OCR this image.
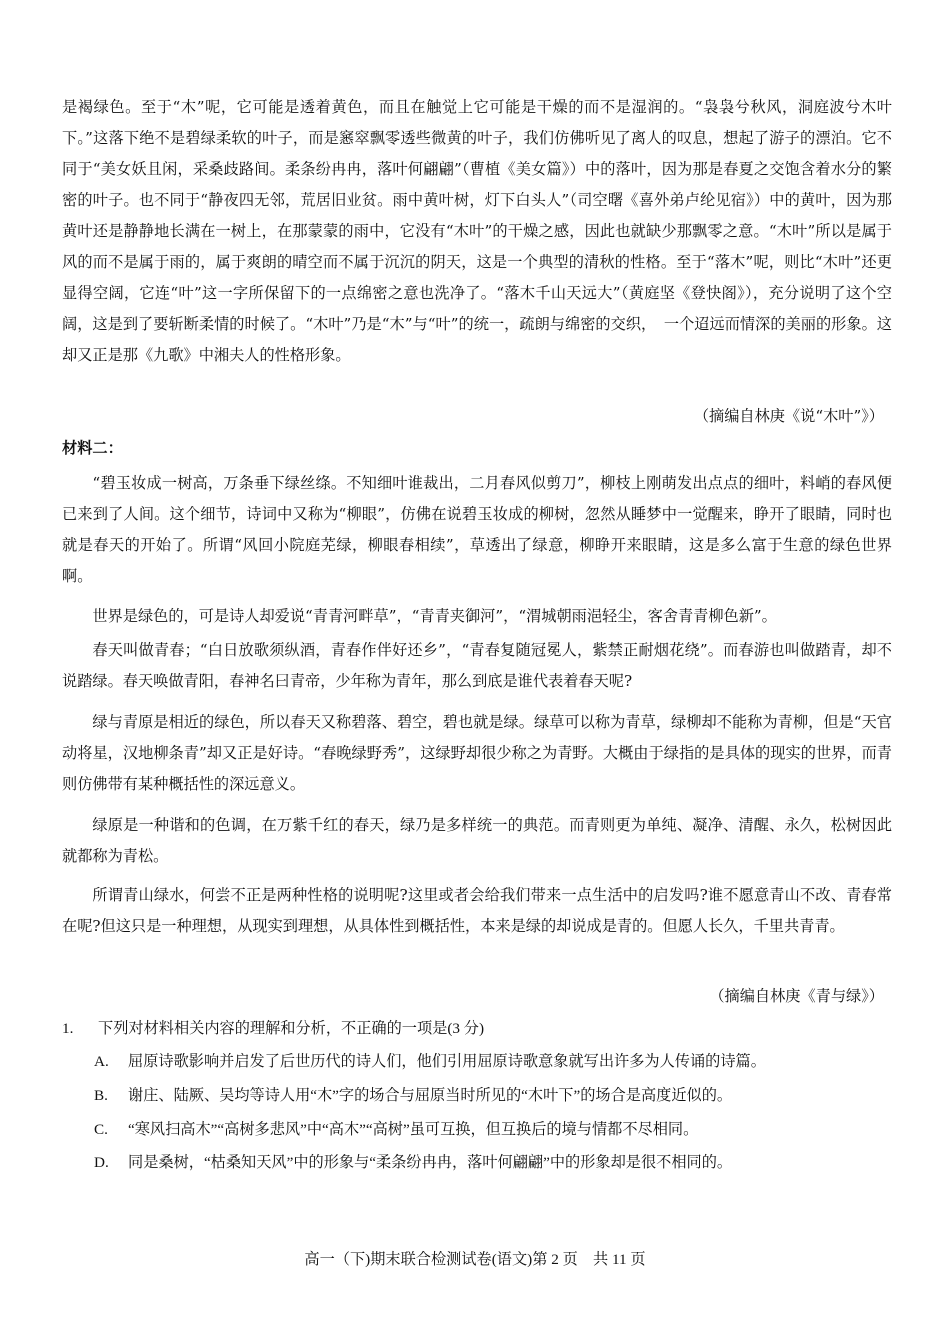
是褐绿色。至于“木”呢，它可能是透着黄色，而且在触觉上它可能是干燥的而不是湿润的。“袅袅兮秋风，洞庭波兮木叶下。”这落下绝不是碧绿柔软的叶子，而是窸窣飘零透些微黄的叶子，我们仿佛听见了离人的叹息，想起了游子的漂泊。它不同于“美女妖且闲，采桑歧路间。柔条纷冉冉，落叶何翩翩”（曹植《美女篇》）中的落叶，因为那是春夏之交饱含着水分的繁密的叶子。也不同于“静夜四无邻，荒居旧业贫。雨中黄叶树，灯下白头人”（司空曙《喜外弟卢纶见宿》）中的黄叶，因为那黄叶还是静静地长满在一树上，在那蒙蒙的雨中，它没有“木叶”的干燥之感，因此也就缺少那飘零之意。“木叶”所以是属于风的而不是属于雨的，属于爽朗的晴空而不属于沉沉的阴天，这是一个典型的清秋的性格。至于“落木”呢，则比“木叶”还更显得空阔，它连“叶”这一字所保留下的一点绵密之意也洗净了。“落木千山天远大”（黄庭坚《登快阁》），充分说明了这个空阔，这是到了要斩断柔情的时候了。“木叶”乃是“木”与“叶”的统一，疏朗与绵密的交织，　一个迢远而情深的美丽的形象。这却又正是那《九歌》中湘夫人的性格形象。

（摘编自林庚《说“木叶”》）

材料二：

“碧玉妆成一树高，万条垂下绿丝绦。不知细叶谁裁出，二月春风似剪刀”，柳枝上刚萌发出点点的细叶，料峭的春风便已来到了人间。这个细节，诗词中又称为“柳眼”，仿佛在说碧玉妆成的柳树，忽然从睡梦中一觉醒来，睁开了眼睛，同时也就是春天的开始了。所谓“风回小院庭芜绿，柳眼春相续”，草透出了绿意，柳睁开来眼睛，这是多么富于生意的绿色世界啊。

世界是绿色的，可是诗人却爱说“青青河畔草”，“青青夹御河”，“渭城朝雨浥轻尘，客舍青青柳色新”。

春天叫做青春；“白日放歌须纵酒，青春作伴好还乡”，“青春复随冠冕人，紫禁正耐烟花绕”。而春游也叫做踏青，却不说踏绿。春天唤做青阳，春神名曰青帝，少年称为青年，那么到底是谁代表着春天呢?

绿与青原是相近的绿色，所以春天又称碧落、碧空，碧也就是绿。绿草可以称为青草，绿柳却不能称为青柳，但是“天官动将星，汉地柳条青”却又正是好诗。“春晚绿野秀”，这绿野却很少称之为青野。大概由于绿指的是具体的现实的世界，而青则仿佛带有某种概括性的深远意义。

绿原是一种谐和的色调，在万紫千红的春天，绿乃是多样统一的典范。而青则更为单纯、凝净、清醒、永久，松树因此就都称为青松。

所谓青山绿水，何尝不正是两种性格的说明呢?这里或者会给我们带来一点生活中的启发吗?谁不愿意青山不改、青春常在呢?但这只是一种理想，从现实到理想，从具体性到概括性，本来是绿的却说成是青的。但愿人长久，千里共青青。

（摘编自林庚《青与绿》）

1. 下列对材料相关内容的理解和分析，不正确的一项是(3 分)

A. 屈原诗歌影响并启发了后世历代的诗人们，他们引用屈原诗歌意象就写出许多为人传诵的诗篇。

B. 谢庄、陆厥、吴均等诗人用“木”字的场合与屈原当时所见的“木叶下”的场合是高度近似的。

C. “寒风扫高木”“高树多悲风”中“高木”“高树”虽可互换，但互换后的境与情都不尽相同。

D. 同是桑树，“枯桑知天风”中的形象与“柔条纷冉冉，落叶何翩翩”中的形象却是很不相同的。

高一（下)期末联合检测试卷(语文)第 2 页　共 11 页
